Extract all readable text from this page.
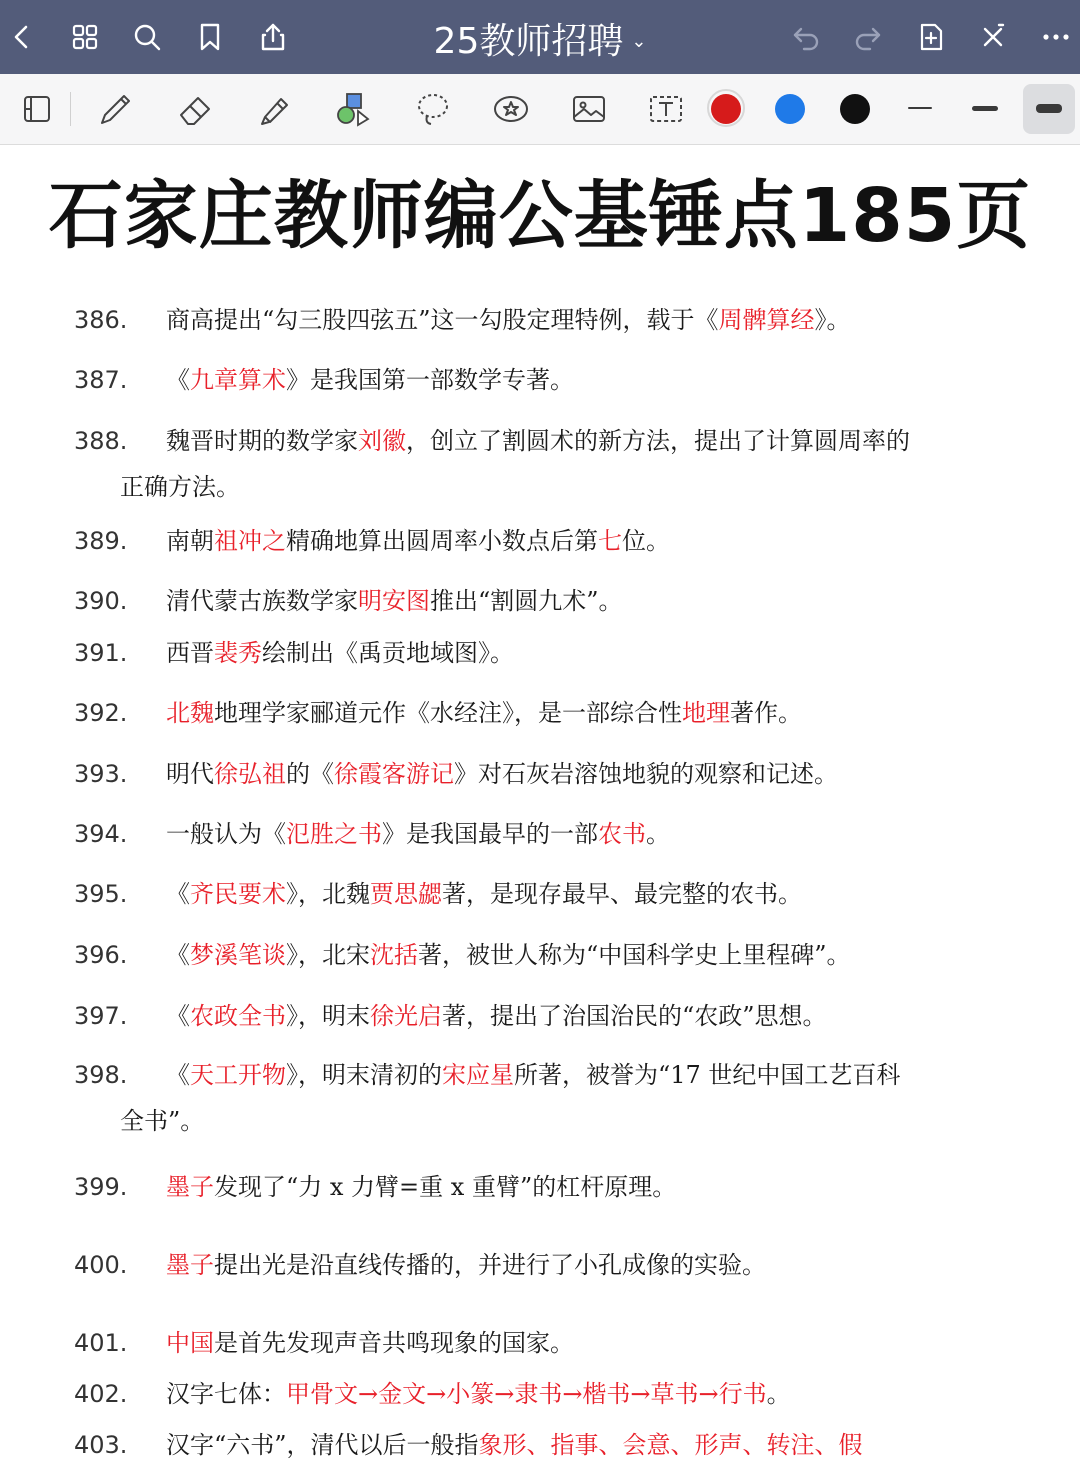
25教师招聘 ⌄
石家庄教师编公基锤点185页
386. 商高提出“勾三股四弦五”这一勾股定理特例，载于《周髀算经》。
387. 《九章算术》是我国第一部数学专著。
388. 魏晋时期的数学家刘徽，创立了割圆术的新方法，提出了计算圆周率的
正确方法。
389. 南朝祖冲之精确地算出圆周率小数点后第七位。
390. 清代蒙古族数学家明安图推出“割圆九术”。
391. 西晋裴秀绘制出《禹贡地域图》。
392. 北魏地理学家郦道元作《水经注》，是一部综合性地理著作。
393. 明代徐弘祖的《徐霞客游记》对石灰岩溶蚀地貌的观察和记述。
394. 一般认为《氾胜之书》是我国最早的一部农书。
395. 《齐民要术》，北魏贾思勰著，是现存最早、最完整的农书。
396. 《梦溪笔谈》，北宋沈括著，被世人称为“中国科学史上里程碑”。
397. 《农政全书》，明末徐光启著，提出了治国治民的“农政”思想。
398. 《天工开物》，明末清初的宋应星所著，被誉为“17 世纪中国工艺百科
全书”。
399. 墨子发现了“力 x 力臂=重 x 重臂”的杠杆原理。
400. 墨子提出光是沿直线传播的，并进行了小孔成像的实验。
401. 中国是首先发现声音共鸣现象的国家。
402. 汉字七体：甲骨文→金文→小篆→隶书→楷书→草书→行书。
403. 汉字“六书”，清代以后一般指象形、指事、会意、形声、转注、假
